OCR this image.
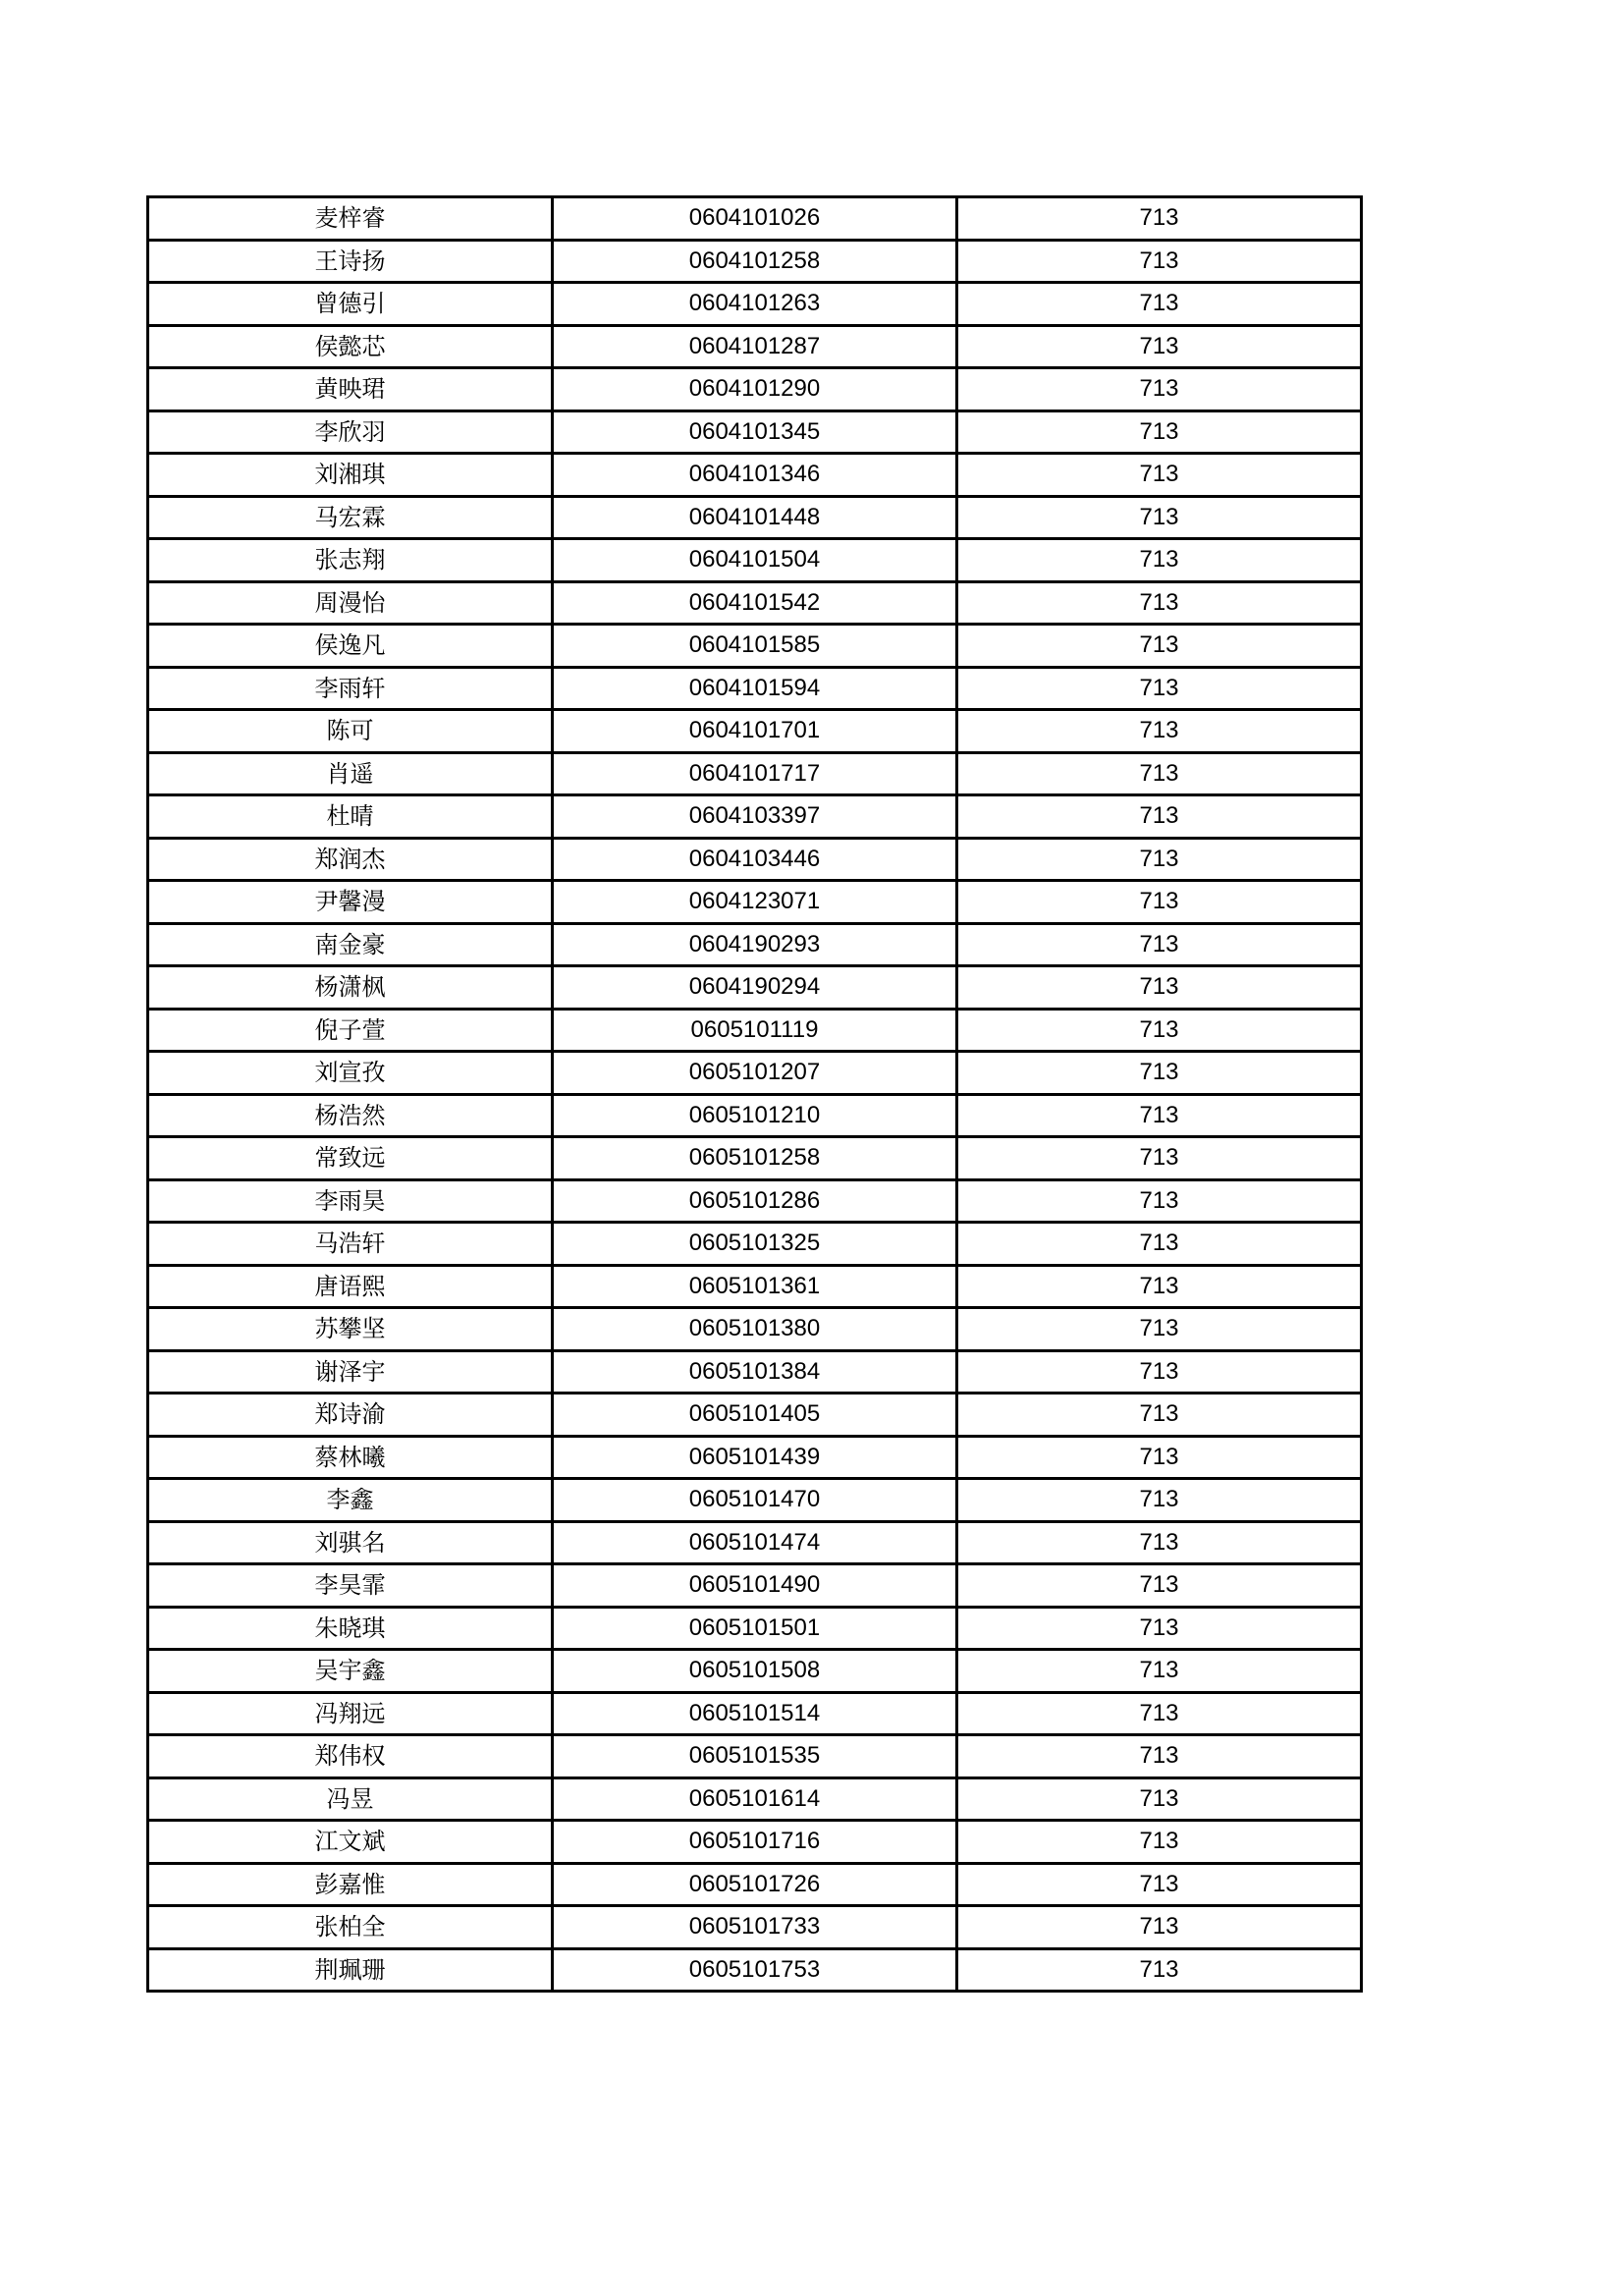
麦梓睿	0604101026	713
王诗扬	0604101258	713
曾德引	0604101263	713
侯懿芯	0604101287	713
黄映珺	0604101290	713
李欣羽	0604101345	713
刘湘琪	0604101346	713
马宏霖	0604101448	713
张志翔	0604101504	713
周漫怡	0604101542	713
侯逸凡	0604101585	713
李雨轩	0604101594	713
陈可	0604101701	713
肖遥	0604101717	713
杜晴	0604103397	713
郑润杰	0604103446	713
尹馨漫	0604123071	713
南金豪	0604190293	713
杨潇枫	0604190294	713
倪子萱	0605101119	713
刘宣孜	0605101207	713
杨浩然	0605101210	713
常致远	0605101258	713
李雨昊	0605101286	713
马浩轩	0605101325	713
唐语熙	0605101361	713
苏攀坚	0605101380	713
谢泽宇	0605101384	713
郑诗渝	0605101405	713
蔡林曦	0605101439	713
李鑫	0605101470	713
刘骐名	0605101474	713
李昊霏	0605101490	713
朱晓琪	0605101501	713
吴宇鑫	0605101508	713
冯翔远	0605101514	713
郑伟权	0605101535	713
冯昱	0605101614	713
江文斌	0605101716	713
彭嘉惟	0605101726	713
张柏全	0605101733	713
荆珮珊	0605101753	713
